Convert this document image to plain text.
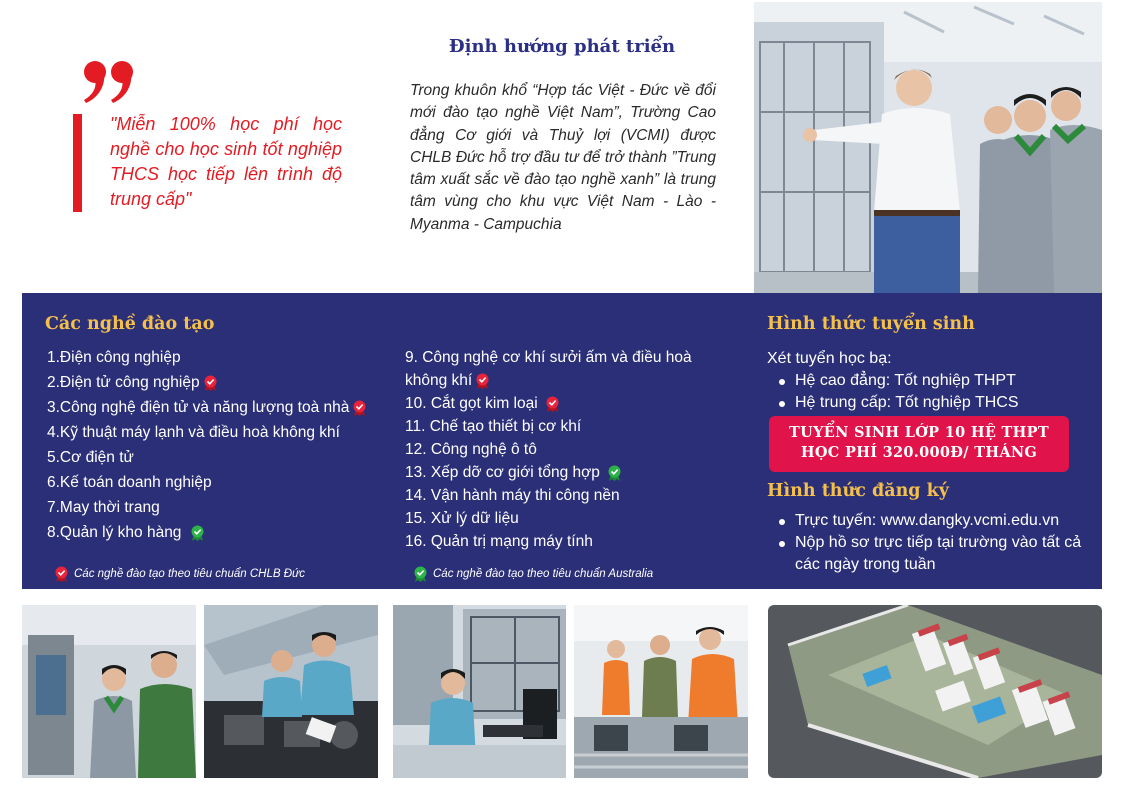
"Miễn 100% học phí học nghề cho học sinh tốt nghiệp THCS học tiếp lên trình độ trung cấp"

Định hướng phát triển

Trong khuôn khổ “Hợp tác Việt - Đức về đổi mới đào tạo nghề Việt Nam”, Trường Cao đẳng Cơ giới và Thuỷ lợi (VCMI) được CHLB Đức hỗ trợ đầu tư để trở thành ”Trung tâm xuất sắc về đào tạo nghề xanh” là trung tâm vùng cho khu vực Việt Nam - Lào - Myanma - Campuchia

Các nghề đào tạo
1.Điện công nghiệp
2.Điện tử công nghiệp
3.Công nghệ điện tử và năng lượng toà nhà
4.Kỹ thuật máy lạnh và điều hoà không khí
5.Cơ điện tử
6.Kế toán doanh nghiệp
7.May thời trang
8.Quản lý kho hàng
9. Công nghệ cơ khí sưởi ấm và điều hoà không khí
10. Cắt gọt kim loại
11. Chế tạo thiết bị cơ khí
12. Công nghệ ô tô
13. Xếp dỡ cơ giới tổng hợp
14. Vận hành máy thi công nền
15. Xử lý dữ liệu
16. Quản trị mạng máy tính
Các nghề đào tạo theo tiêu chuẩn CHLB Đức	Các nghề đào tạo theo tiêu chuẩn Australia
Hình thức tuyển sinh

Xét tuyển học bạ:

Hệ cao đẳng: Tốt nghiệp THPT
Hệ trung cấp: Tốt nghiệp THCS
TUYỂN SINH LỚP 10 HỆ THPT
HỌC PHÍ 320.000Đ/ THÁNG
Hình thức đăng ký
Trực tuyến: www.dangky.vcmi.edu.vn
Nộp hồ sơ trực tiếp tại trường vào tất cả các ngày trong tuần
